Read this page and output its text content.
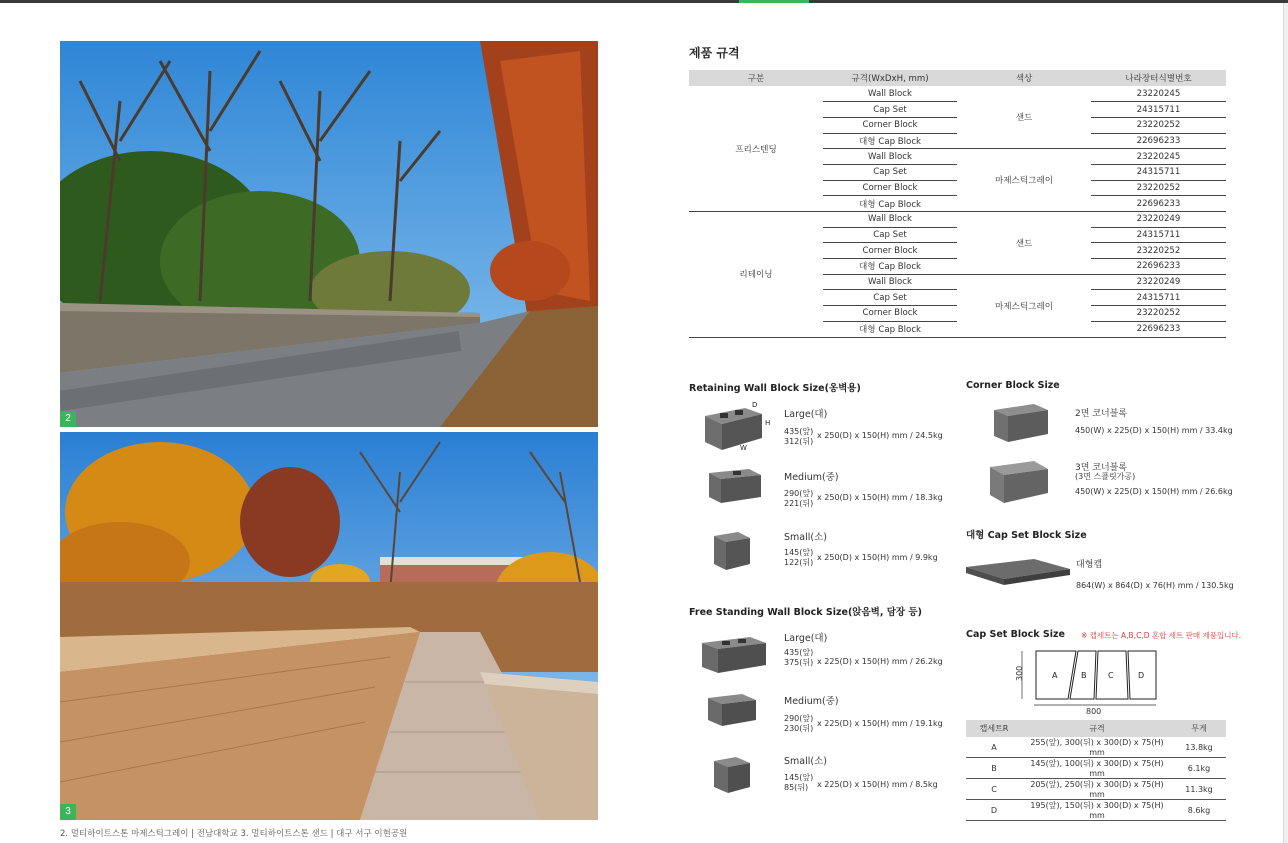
2
3
2. 멀티하이트스톤 마제스틱그레이 | 전남대학교 3. 멀티하이트스톤 샌드 | 대구 서구 이현공원
제품 규격
구분	규격(WxDxH, mm)	색상	나라장터식별번호
프리스텐딩	Wall Block	샌드	23220245
	Cap Set		24315711
	Corner Block		23220252
	대형 Cap Block		22696233
	Wall Block	마제스틱그레이	23220245
	Cap Set		24315711
	Corner Block		23220252
	대형 Cap Block		22696233
리테이닝	Wall Block	샌드	23220249
	Cap Set		24315711
	Corner Block		23220252
	대형 Cap Block		22696233
	Wall Block	마제스틱그레이	23220249
	Cap Set		24315711
	Corner Block		23220252
	대형 Cap Block		22696233
Retaining Wall Block Size(옹벽용)
D
H
W
Large(대)
435(앞)
312(뒤)
x 250(D) x 150(H) mm / 24.5kg
Medium(중)
290(앞)
221(뒤)
x 250(D) x 150(H) mm / 18.3kg
Small(소)
145(앞)
122(뒤)
x 250(D) x 150(H) mm / 9.9kg
Free Standing Wall Block Size(앉음벽, 담장 등)
Large(대)
435(앞)
375(뒤) x 225(D) x 150(H) mm / 26.2kg
Medium(중)
290(앞)
230(뒤)
x 225(D) x 150(H) mm / 19.1kg
Small(소)
145(앞)
85(뒤)	x 225(D) x 150(H) mm / 8.5kg
Corner Block Size
2면 코너블록
450(W) x 225(D) x 150(H) mm / 33.4kg
3면 코너블록
(3면 스플릿가공)
450(W) x 225(D) x 150(H) mm / 26.6kg
대형 Cap Set Block Size
대형캡
864(W) x 864(D) x 76(H) mm / 130.5kg
Cap Set Block Size ※ 캡세트는 A,B,C,D 혼합 세트 판매 제품입니다.
300	A	B	C	D
800
캡세트R	규격	무게
A	255(앞), 300(뒤) x 300(D) x 75(H) mm	13.8kg
B	145(앞), 100(뒤) x 300(D) x 75(H) mm	6.1kg
C	205(앞), 250(뒤) x 300(D) x 75(H) mm	11.3kg
D	195(앞), 150(뒤) x 300(D) x 75(H) mm	8.6kg
